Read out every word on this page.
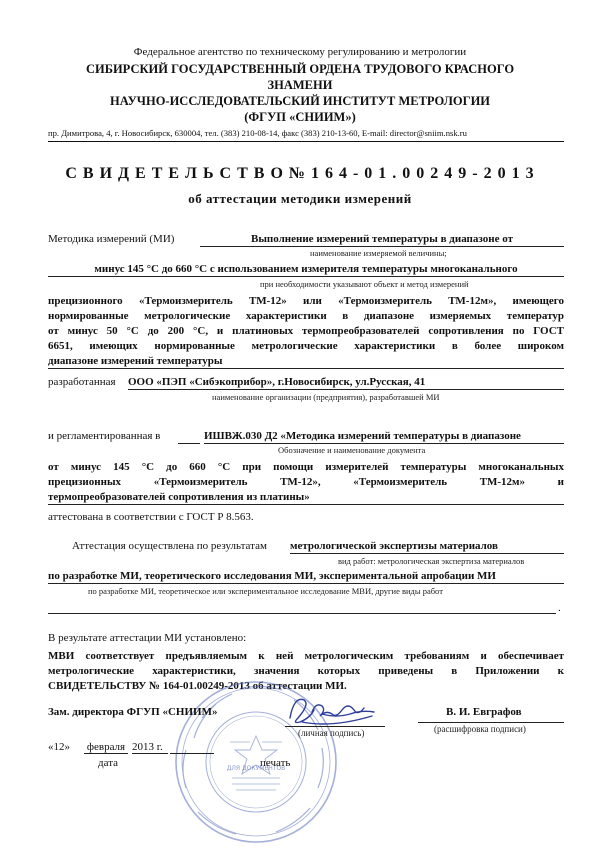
Федеральное агентство по техническому регулированию и метрологии
СИБИРСКИЙ ГОСУДАРСТВЕННЫЙ ОРДЕНА ТРУДОВОГО КРАСНОГО
ЗНАМЕНИ
НАУЧНО-ИССЛЕДОВАТЕЛЬСКИЙ ИНСТИТУТ МЕТРОЛОГИИ
(ФГУП «СНИИМ»)
пр. Димитрова, 4, г. Новосибирск, 630004, тел. (383) 210-08-14, факс (383) 210-13-60, E-mail: director@sniim.nsk.ru
С В И Д Е Т Е Л Ь С Т В О № 1 6 4 - 0 1 . 0 0 2 4 9 - 2 0 1 3
об аттестации методики измерений
Методика измерений (МИ)	Выполнение измерений температуры в диапазоне от
наименование измеряемой величины;
минус 145 °С до 660 °С с использованием измерителя температуры многоканального
при необходимости указывают объект и метод измерений
прецизионного «Термоизмеритель ТМ-12» или «Термоизмеритель ТМ-12м», имеющего
нормированные метрологические характеристики в диапазоне измеряемых температур
от минус 50 °С до 200 °С, и платиновых термопреобразователей сопротивления по ГОСТ
6651, имеющих нормированные метрологические характеристики в более широком
диапазоне измерений температуры
разработанная ООО «ПЭП «Сибэкоприбор», г.Новосибирск, ул.Русская, 41
наименование организации (предприятия), разработавшей МИ
и регламентированная в	ИШВЖ.030 Д2 «Методика измерений температуры в диапазоне
Обозначение и наименование документа
от минус 145 °С до 660 °С при помощи измерителей температуры многоканальных
прецизионных «Термоизмеритель ТМ-12», «Термоизмеритель ТМ-12м» и
термопреобразователей сопротивления из платины»
аттестована в соответствии с ГОСТ Р 8.563.
Аттестация осуществлена по результатам метрологической экспертизы материалов
вид работ: метрологическая экспертиза материалов
по разработке МИ, теоретического исследования МИ, экспериментальной апробации МИ
по разработке МИ, теоретическое или экспериментальное исследование МВИ, другие виды работ
.
В результате аттестации МИ установлено:
МВИ соответствует предъявляемым к ней метрологическим требованиям и обеспечивает
метрологические характеристики, значения которых приведены в Приложении к
СВИДЕТЕЛЬСТВУ № 164-01.00249-2013 об аттестации МИ.
ДЛЯ ДОКУМЕНТОВ
Зам. директора ФГУП «СНИИМ»
(личная подпись)
В. И. Евграфов
(расшифровка подписи)
«12» февраля 2013 г.
дата	печать
